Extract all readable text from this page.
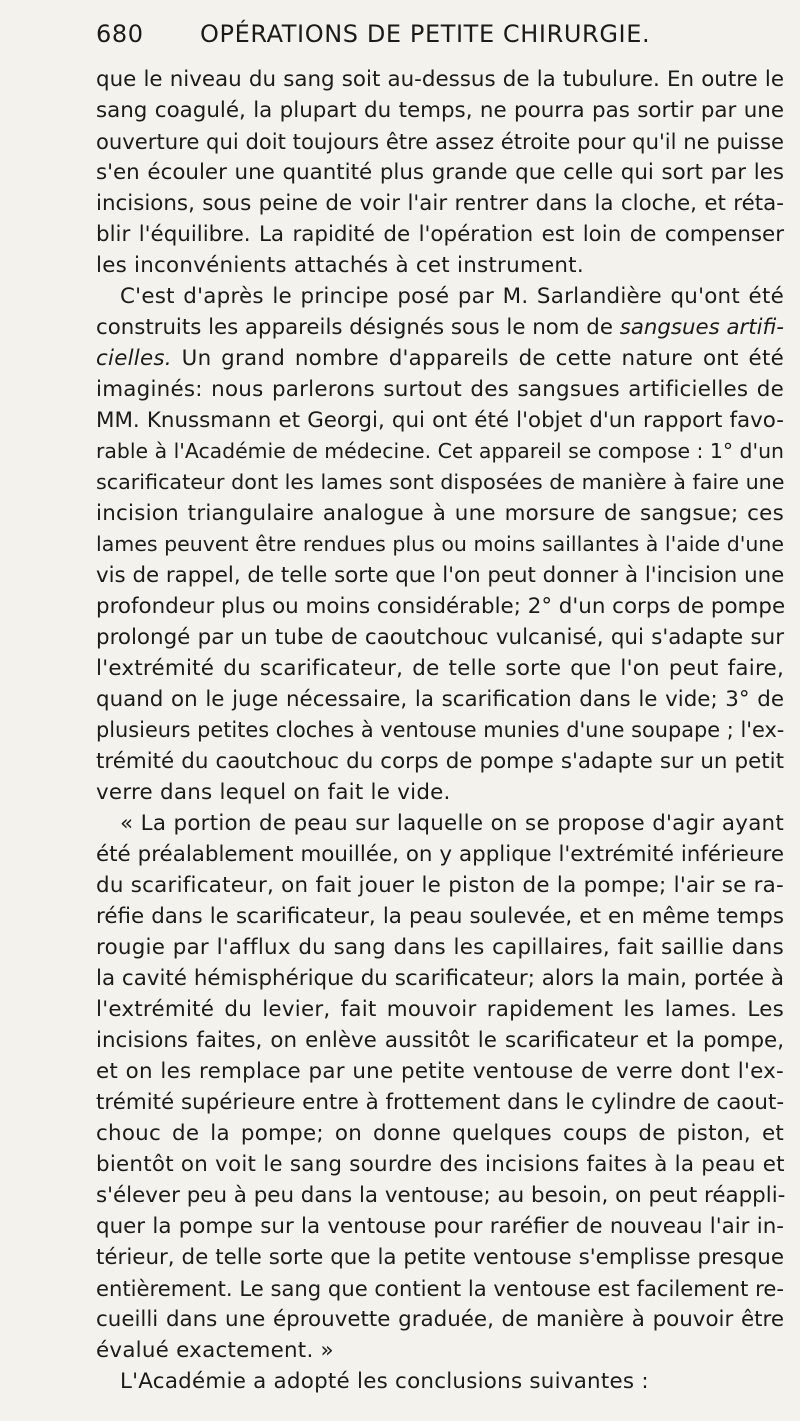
680 OPÉRATIONS DE PETITE CHIRURGIE.
que le niveau du sang soit au-dessus de la tubulure. En outre le
sang coagulé, la plupart du temps, ne pourra pas sortir par une
ouverture qui doit toujours être assez étroite pour qu'il ne puisse
s'en écouler une quantité plus grande que celle qui sort par les
incisions, sous peine de voir l'air rentrer dans la cloche, et réta-
blir l'équilibre. La rapidité de l'opération est loin de compenser
les inconvénients attachés à cet instrument.
C'est d'après le principe posé par M. Sarlandière qu'ont été
construits les appareils désignés sous le nom de sangsues artifi-
cielles. Un grand nombre d'appareils de cette nature ont été
imaginés: nous parlerons surtout des sangsues artificielles de
MM. Knussmann et Georgi, qui ont été l'objet d'un rapport favo-
rable à l'Académie de médecine. Cet appareil se compose : 1° d'un
scarificateur dont les lames sont disposées de manière à faire une
incision triangulaire analogue à une morsure de sangsue; ces
lames peuvent être rendues plus ou moins saillantes à l'aide d'une
vis de rappel, de telle sorte que l'on peut donner à l'incision une
profondeur plus ou moins considérable; 2° d'un corps de pompe
prolongé par un tube de caoutchouc vulcanisé, qui s'adapte sur
l'extrémité du scarificateur, de telle sorte que l'on peut faire,
quand on le juge nécessaire, la scarification dans le vide; 3° de
plusieurs petites cloches à ventouse munies d'une soupape ; l'ex-
trémité du caoutchouc du corps de pompe s'adapte sur un petit
verre dans lequel on fait le vide.
« La portion de peau sur laquelle on se propose d'agir ayant
été préalablement mouillée, on y applique l'extrémité inférieure
du scarificateur, on fait jouer le piston de la pompe; l'air se ra-
réfie dans le scarificateur, la peau soulevée, et en même temps
rougie par l'afflux du sang dans les capillaires, fait saillie dans
la cavité hémisphérique du scarificateur; alors la main, portée à
l'extrémité du levier, fait mouvoir rapidement les lames. Les
incisions faites, on enlève aussitôt le scarificateur et la pompe,
et on les remplace par une petite ventouse de verre dont l'ex-
trémité supérieure entre à frottement dans le cylindre de caout-
chouc de la pompe; on donne quelques coups de piston, et
bientôt on voit le sang sourdre des incisions faites à la peau et
s'élever peu à peu dans la ventouse; au besoin, on peut réappli-
quer la pompe sur la ventouse pour raréfier de nouveau l'air in-
térieur, de telle sorte que la petite ventouse s'emplisse presque
entièrement. Le sang que contient la ventouse est facilement re-
cueilli dans une éprouvette graduée, de manière à pouvoir être
évalué exactement. »
L'Académie a adopté les conclusions suivantes :
